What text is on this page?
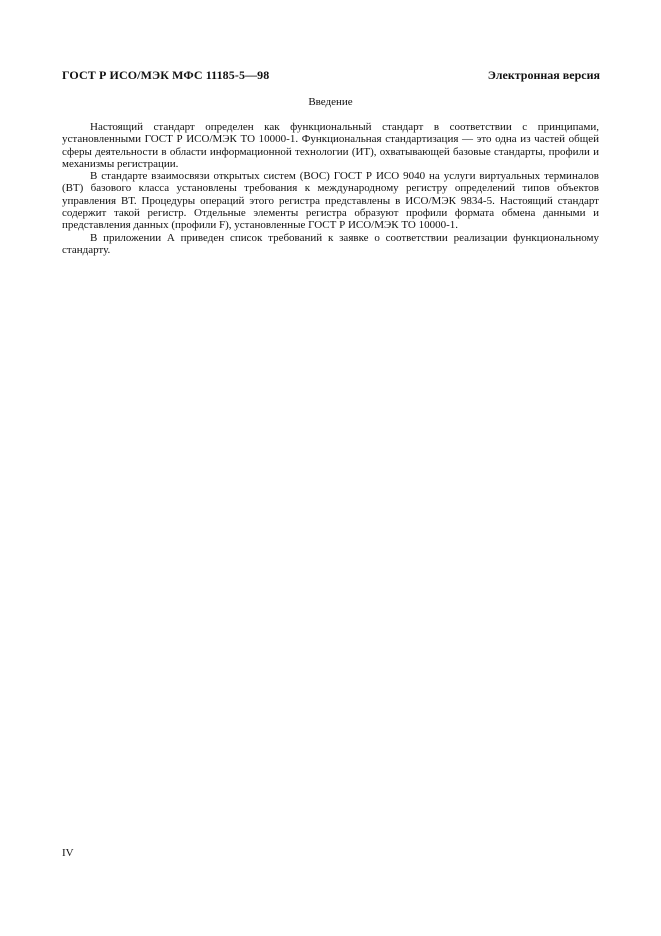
ГОСТ Р ИСО/МЭК МФС 11185-5—98	Электронная версия
Введение

Настоящий стандарт определен как функциональный стандарт в соответствии с принципами, установленными ГОСТ Р ИСО/МЭК ТО 10000-1. Функциональная стандартизация — это одна из частей общей сферы деятельности в области информационной технологии (ИТ), охватывающей базовые стандарты, профили и механизмы регистрации.

В стандарте взаимосвязи открытых систем (ВОС) ГОСТ Р ИСО 9040 на услуги виртуальных терминалов (ВТ) базового класса установлены требования к международному регистру определений типов объектов управления ВТ. Процедуры операций этого регистра представлены в ИСО/МЭК 9834-5. Настоящий стандарт содержит такой регистр. Отдельные элементы регистра образуют профили формата обмена данными и представления данных (профили F), установленные ГОСТ Р ИСО/МЭК ТО 10000-1.

В приложении А приведен список требований к заявке о соответствии реализации функциональному стандарту.

IV
